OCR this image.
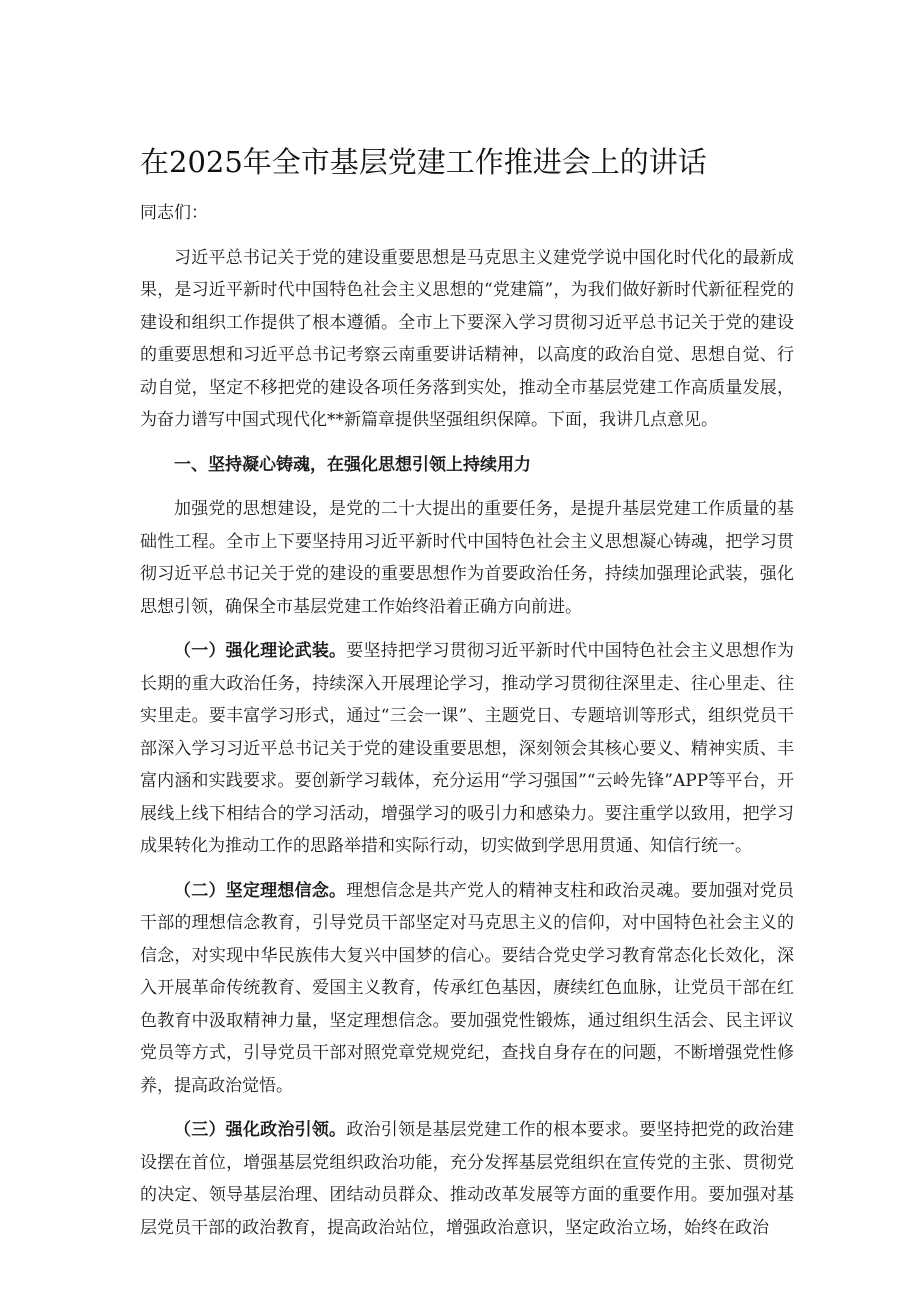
在2025年全市基层党建工作推进会上的讲话

同志们：

习近平总书记关于党的建设重要思想是马克思主义建党学说中国化时代化的最新成果，是习近平新时代中国特色社会主义思想的“党建篇”，为我们做好新时代新征程党的建设和组织工作提供了根本遵循。全市上下要深入学习贯彻习近平总书记关于党的建设的重要思想和习近平总书记考察云南重要讲话精神，以高度的政治自觉、思想自觉、行动自觉，坚定不移把党的建设各项任务落到实处，推动全市基层党建工作高质量发展，为奋力谱写中国式现代化**新篇章提供坚强组织保障。下面，我讲几点意见。

一、坚持凝心铸魂，在强化思想引领上持续用力

加强党的思想建设，是党的二十大提出的重要任务，是提升基层党建工作质量的基础性工程。全市上下要坚持用习近平新时代中国特色社会主义思想凝心铸魂，把学习贯彻习近平总书记关于党的建设的重要思想作为首要政治任务，持续加强理论武装，强化思想引领，确保全市基层党建工作始终沿着正确方向前进。

（一）强化理论武装。要坚持把学习贯彻习近平新时代中国特色社会主义思想作为长期的重大政治任务，持续深入开展理论学习，推动学习贯彻往深里走、往心里走、往实里走。要丰富学习形式，通过“三会一课”、主题党日、专题培训等形式，组织党员干部深入学习习近平总书记关于党的建设重要思想，深刻领会其核心要义、精神实质、丰富内涵和实践要求。要创新学习载体，充分运用“学习强国”“云岭先锋”APP等平台，开展线上线下相结合的学习活动，增强学习的吸引力和感染力。要注重学以致用，把学习成果转化为推动工作的思路举措和实际行动，切实做到学思用贯通、知信行统一。

（二）坚定理想信念。理想信念是共产党人的精神支柱和政治灵魂。要加强对党员干部的理想信念教育，引导党员干部坚定对马克思主义的信仰，对中国特色社会主义的信念，对实现中华民族伟大复兴中国梦的信心。要结合党史学习教育常态化长效化，深入开展革命传统教育、爱国主义教育，传承红色基因，赓续红色血脉，让党员干部在红色教育中汲取精神力量，坚定理想信念。要加强党性锻炼，通过组织生活会、民主评议党员等方式，引导党员干部对照党章党规党纪，查找自身存在的问题，不断增强党性修养，提高政治觉悟。

（三）强化政治引领。政治引领是基层党建工作的根本要求。要坚持把党的政治建设摆在首位，增强基层党组织政治功能，充分发挥基层党组织在宣传党的主张、贯彻党的决定、领导基层治理、团结动员群众、推动改革发展等方面的重要作用。要加强对基层党员干部的政治教育，提高政治站位，增强政治意识，坚定政治立场，始终在政治
